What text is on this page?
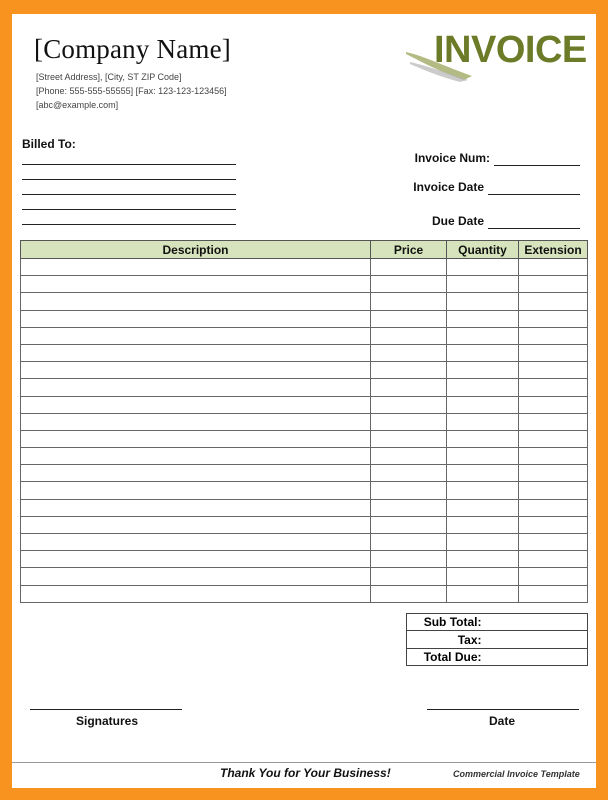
[Company Name]
[Street Address], [City, ST ZIP Code]
[Phone: 555-555-55555] [Fax: 123-123-123456]
[abc@example.com]
INVOICE
Billed To:
Invoice Num:
Invoice Date
Due Date
Description	Price	Quantity	Extension

Sub Total:	
Tax:	
Total Due:	
Signatures	Date
Thank You for Your Business!	Commercial Invoice Template
